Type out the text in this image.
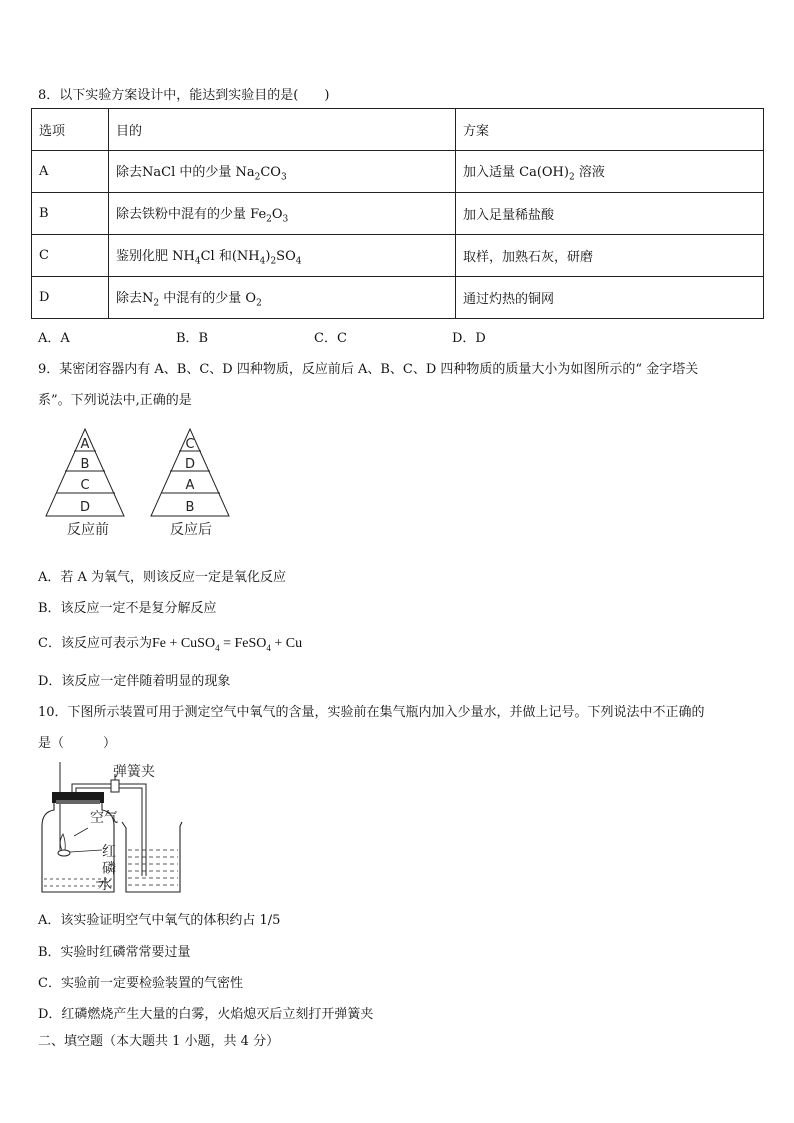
8．以下实验方案设计中，能达到实验目的是(　　)
选项	目的	方案
A	除去NaCl 中的少量 $Na_2CO_3$	加入适量 $Ca(OH)_2$ 溶液
B	除去铁粉中混有的少量 $Fe_2O_3$	加入足量稀盐酸
C	鉴别化肥 $NH_4Cl$ 和$(NH_4)_2SO_4$	取样，加熟石灰，研磨
D	除去$N_2$ 中混有的少量 $O_2$	通过灼热的铜网
A．A	B．B	C．C	D．D
9．某密闭容器内有 A、B、C、D 四种物质，反应前后 A、B、C、D 四种物质的质量大小为如图所示的“ 金字塔关
系”。下列说法中,正确的是
A
B
C
D
反应前
C
D
A
B
反应后
A．若 A 为氧气，则该反应一定是氧化反应
B．该反应一定不是复分解反应
C．该反应可表示为Fe + CuSO$_4$ = FeSO$_4$ + Cu
D．该反应一定伴随着明显的现象
10．下图所示装置可用于测定空气中氧气的含量，实验前在集气瓶内加入少量水，并做上记号。下列说法中不正确的
是（　　　）
弹簧夹
空气
红
磷
水
A．该实验证明空气中氧气的体积约占 1/5
B．实验时红磷常常要过量
C．实验前一定要检验装置的气密性
D．红磷燃烧产生大量的白雾，火焰熄灭后立刻打开弹簧夹
二、填空题（本大题共 1 小题，共 4 分）
